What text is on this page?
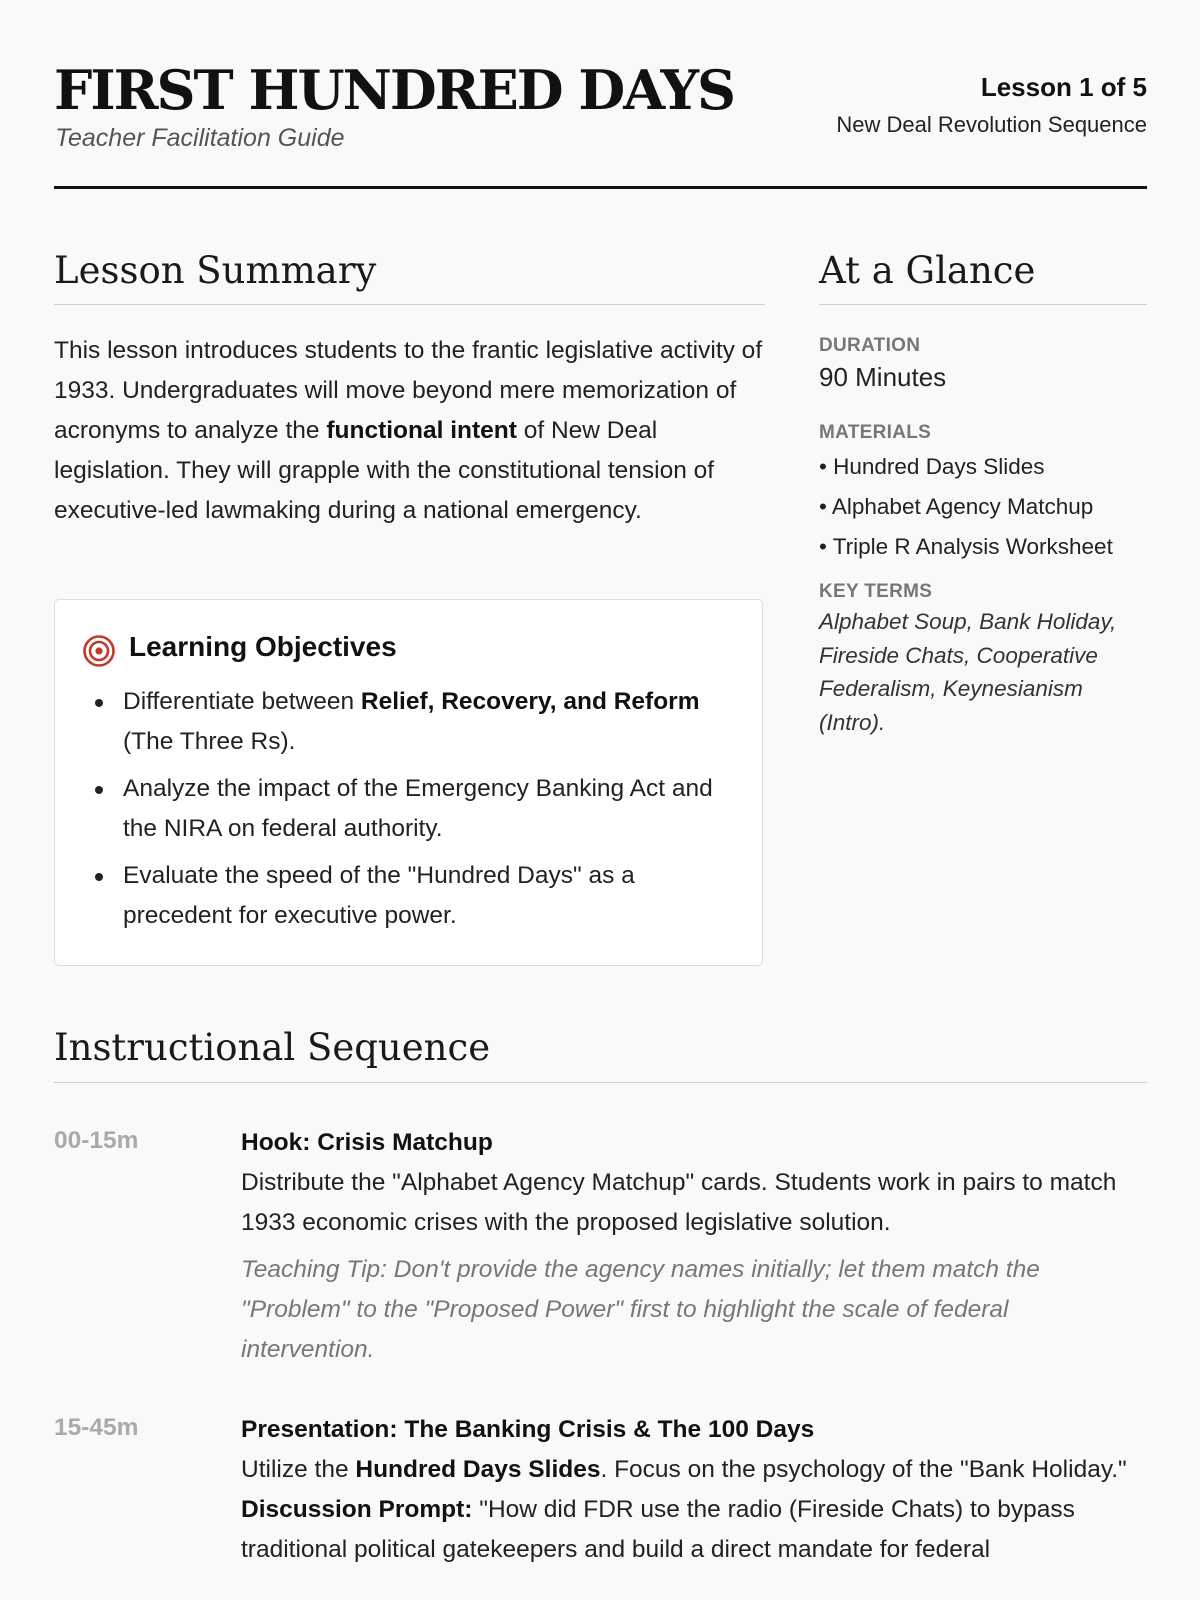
FIRST HUNDRED DAYS
Teacher Facilitation Guide
Lesson 1 of 5
New Deal Revolution Sequence
Lesson Summary

This lesson introduces students to the frantic legislative activity of 1933. Undergraduates will move beyond mere memorization of acronyms to analyze the functional intent of New Deal legislation. They will grapple with the constitutional tension of executive-led lawmaking during a national emergency.

Learning Objectives
Differentiate between Relief, Recovery, and Reform (The Three Rs).
Analyze the impact of the Emergency Banking Act and the NIRA on federal authority.
Evaluate the speed of the "Hundred Days" as a precedent for executive power.
At a Glance
DURATION
90 Minutes
MATERIALS
• Hundred Days Slides
• Alphabet Agency Matchup
• Triple R Analysis Worksheet
KEY TERMS
Alphabet Soup, Bank Holiday, Fireside Chats, Cooperative Federalism, Keynesianism (Intro).
Instructional Sequence
00-15m	Hook: Crisis Matchup

Distribute the "Alphabet Agency Matchup" cards. Students work in pairs to match 1933 economic crises with the proposed legislative solution.

Teaching Tip: Don't provide the agency names initially; let them match the "Problem" to the "Proposed Power" first to highlight the scale of federal intervention.

15-45m	Presentation: The Banking Crisis & The 100 Days

Utilize the Hundred Days Slides. Focus on the psychology of the "Bank Holiday."

Discussion Prompt: "How did FDR use the radio (Fireside Chats) to bypass traditional political gatekeepers and build a direct mandate for federal
